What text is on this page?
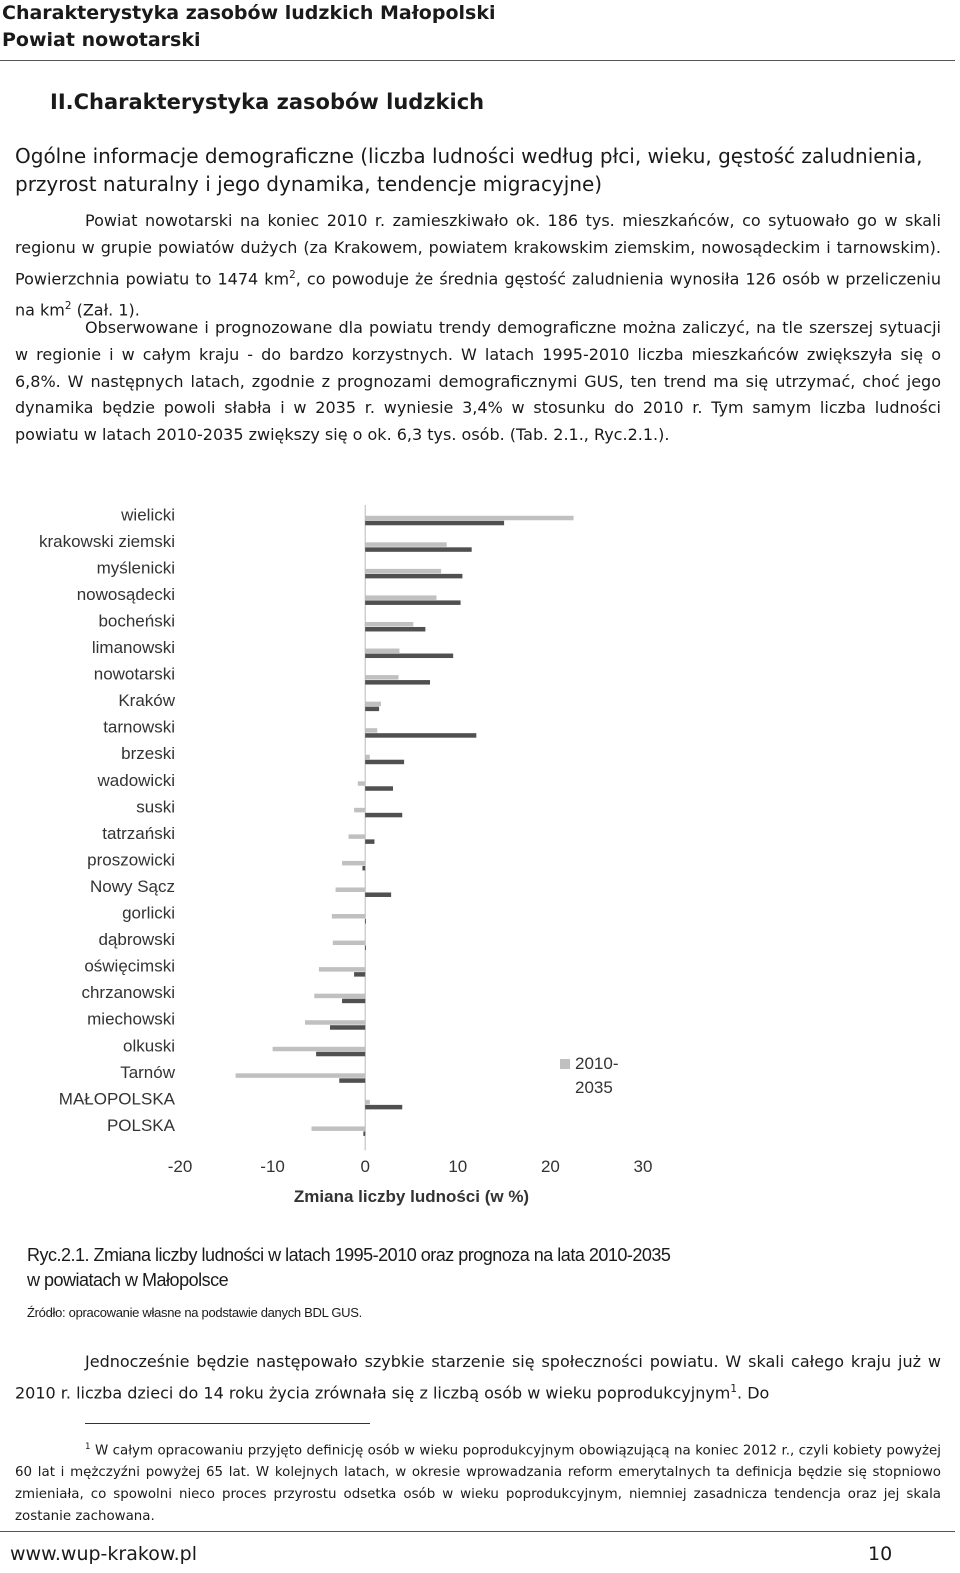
Charakterystyka zasobów ludzkich Małopolski
Powiat nowotarski
II.Charakterystyka zasobów ludzkich
Ogólne informacje demograficzne (liczba ludności według płci, wieku, gęstość zaludnienia, przyrost naturalny i jego dynamika, tendencje migracyjne)
Powiat nowotarski na koniec 2010 r. zamieszkiwało ok. 186 tys. mieszkańców, co sytuowało go w skali regionu w grupie powiatów dużych (za Krakowem, powiatem krakowskim ziemskim, nowosądeckim i tarnowskim). Powierzchnia powiatu to 1474 $km^2$, co powoduje że średnia gęstość zaludnienia wynosiła 126 osób w przeliczeniu na $km^2$ (Zał. 1).
Obserwowane i prognozowane dla powiatu trendy demograficzne można zaliczyć, na tle szerszej sytuacji w regionie i w całym kraju - do bardzo korzystnych. W latach 1995-2010 liczba mieszkańców zwiększyła się o 6,8%. W następnych latach, zgodnie z prognozami demograficznymi GUS, ten trend ma się utrzymać, choć jego dynamika będzie powoli słabła i w 2035 r. wyniesie 3,4% w stosunku do 2010 r. Tym samym liczba ludności powiatu w latach 2010-2035 zwiększy się o ok. 6,3 tys. osób. (Tab. 2.1., Ryc.2.1.).
wielicki
krakowski ziemski
myślenicki
nowosądecki
bocheński
limanowski
nowotarski
Kraków
tarnowski
brzeski
wadowicki
suski
tatrzański
proszowicki
Nowy Sącz
gorlicki
dąbrowski
oświęcimski
chrzanowski
miechowski
olkuski
Tarnów
MAŁOPOLSKA
POLSKA
-20	-10	0	10	20	30
Zmiana liczby ludności (w %)
2010-
2035
Ryc.2.1. Zmiana liczby ludności w latach 1995-2010 oraz prognoza na lata 2010-2035
w powiatach w Małopolsce
Źródło: opracowanie własne na podstawie danych BDL GUS.
Jednocześnie będzie następowało szybkie starzenie się społeczności powiatu. W skali całego kraju już w 2010 r. liczba dzieci do 14 roku życia zrównała się z liczbą osób w wieku poprodukcyjnym$^1$. Do
$^1$ W całym opracowaniu przyjęto definicję osób w wieku poprodukcyjnym obowiązującą na koniec 2012 r., czyli kobiety powyżej 60 lat i mężczyźni powyżej 65 lat. W kolejnych latach, w okresie wprowadzania reform emerytalnych ta definicja będzie się stopniowo zmieniała, co spowolni nieco proces przyrostu odsetka osób w wieku poprodukcyjnym, niemniej zasadnicza tendencja oraz jej skala zostanie zachowana.
www.wup-krakow.pl	10
